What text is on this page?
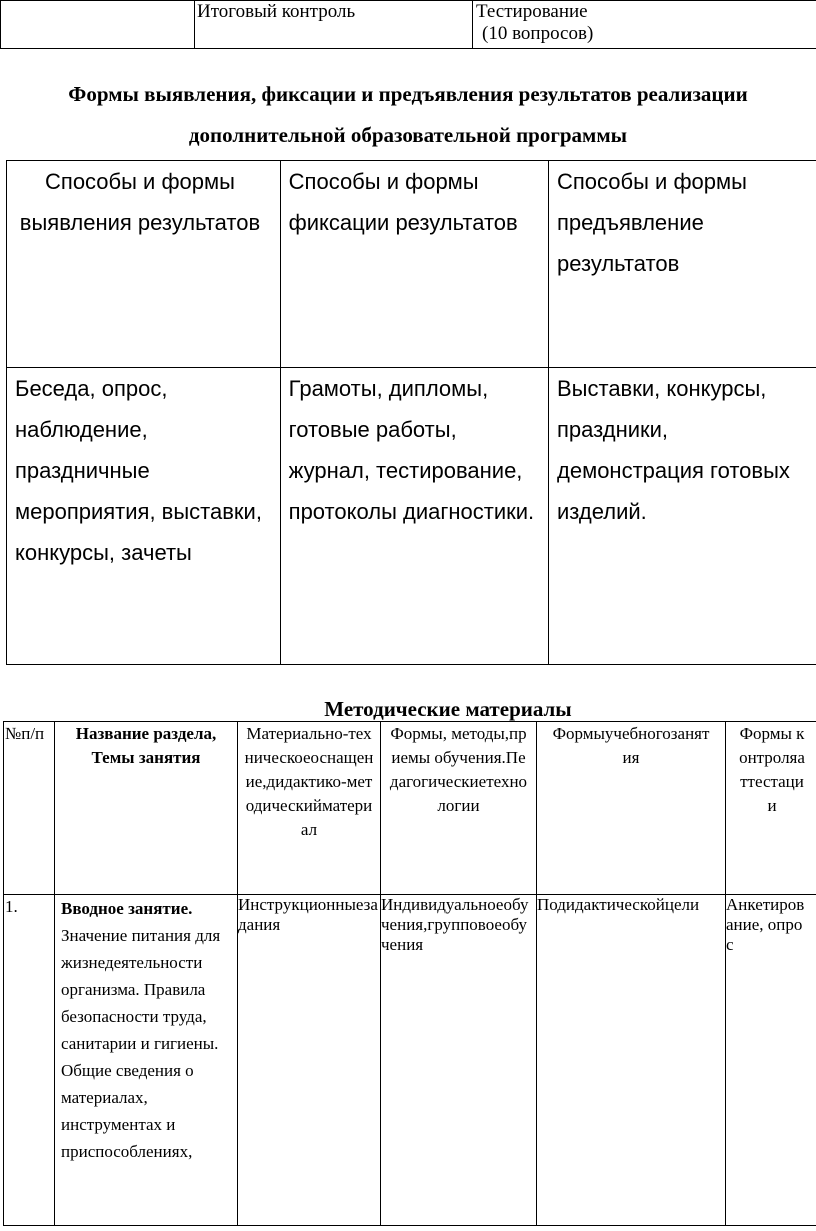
	Итоговый контроль	Тестирование
(10 вопросов)
Формы выявления, фиксации и предъявления результатов реализации
дополнительной образовательной программы
Способы и формы выявления результатов	Способы и формы фиксации результатов	Способы и формы предъявление результатов

Беседа, опрос, наблюдение, праздничные мероприятия, выставки, конкурсы, зачеты	Грамоты, дипломы, готовые работы, журнал, тестирование, протоколы диагностики.	Выставки, конкурсы, праздники, демонстрация готовых изделий.
Методические материалы
№п/п	Название раздела, Темы занятия	Материально-техническоеоснащение,дидактико-методическийматериал	Формы, методы,приемы обучения.Педагогическиетехнологии	Формыучебногозанятия	Формы контроляаттестации

1.	Вводное занятие. Значение питания для жизнедеятельности организма. Правила безопасности труда, санитарии и гигиены. Общие сведения о материалах, инструментах и приспособлениях,	Инструкционныезадания	Индивидуальноеобучения,групповоеобучения	Подидактическойцели	Анкетирование, опрос
